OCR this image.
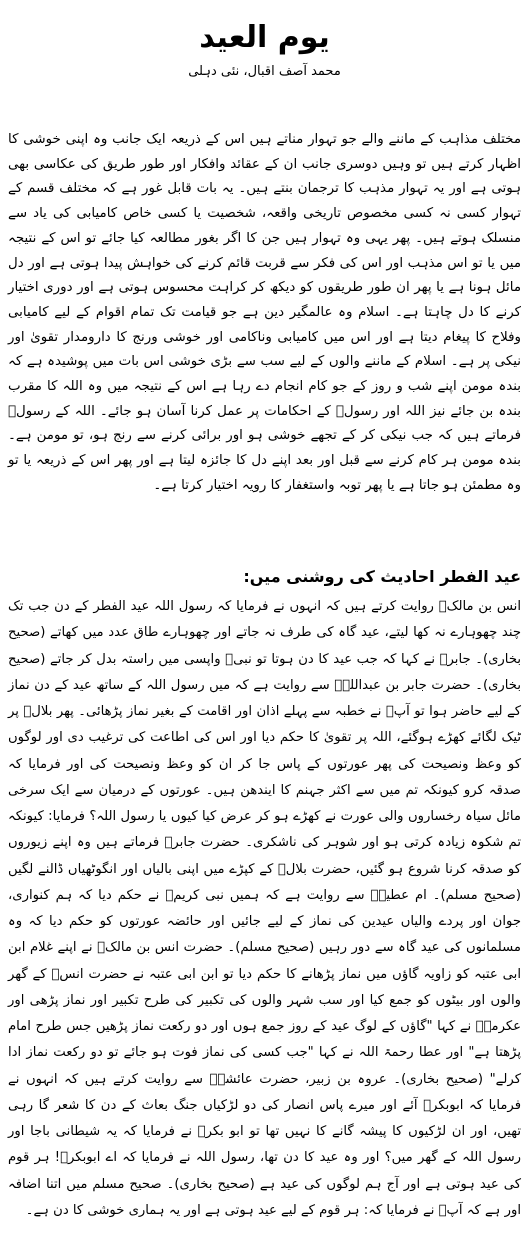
یوم العید

محمد آصف اقبال، نئی دہلی

مختلف مذاہب کے ماننے والے جو تہوار مناتے ہیں اس کے ذریعہ ایک جانب وہ اپنی خوشی کا اظہار کرتے ہیں تو وہیں دوسری جانب ان کے عقائد وافکار اور طور طریق کی عکاسی بھی ہوتی ہے اور یہ تہوار مذہب کا ترجمان بنتے ہیں۔ یہ بات قابل غور ہے کہ مختلف قسم کے تہوار کسی نہ کسی مخصوص تاریخی واقعہ، شخصیت یا کسی خاص کامیابی کی یاد سے منسلک ہوتے ہیں۔ پھر یہی وہ تہوار ہیں جن کا اگر بغور مطالعہ کیا جائے تو اس کے نتیجہ میں یا تو اس مذہب اور اس کی فکر سے قربت قائم کرنے کی خواہش پیدا ہوتی ہے اور دل مائل ہونا ہے یا پھر ان طور طریقوں کو دیکھ کر کراہت محسوس ہوتی ہے اور دوری اختیار کرنے کا دل چاہتا ہے۔ اسلام وہ عالمگیر دین ہے جو قیامت تک تمام اقوام کے لیے کامیابی وفلاح کا پیغام دیتا ہے اور اس میں کامیابی وناکامی اور خوشی ورنج کا دارومدار تقویٰ اور نیکی پر ہے۔ اسلام کے ماننے والوں کے لیے سب سے بڑی خوشی اس بات میں پوشیدہ ہے کہ بندہ مومن اپنے شب و روز کے جو کام انجام دے رہا ہے اس کے نتیجہ میں وہ اللہ کا مقرب بندہ بن جائے نیز اللہ اور رسولؐ کے احکامات پر عمل کرنا آسان ہو جائے۔ اللہ کے رسولؐ فرماتے ہیں کہ جب نیکی کر کے تجھے خوشی ہو اور برائی کرنے سے رنج ہو، تو مومن ہے۔ بندہ مومن ہر کام کرنے سے قبل اور بعد اپنے دل کا جائزہ لیتا ہے اور پھر اس کے ذریعہ یا تو وہ مطمئن ہو جاتا ہے یا پھر توبہ واستغفار کا رویہ اختیار کرتا ہے۔

عید الفطر احادیث کی روشنی میں:

انس بن مالکؓ روایت کرتے ہیں کہ انہوں نے فرمایا کہ رسول اللہ عید الفطر کے دن جب تک چند چھوہارے نہ کھا لیتے، عید گاہ کی طرف نہ جاتے اور چھوہارے طاق عدد میں کھاتے (صحیح بخاری)۔ جابرؓ نے کہا کہ جب عید کا دن ہوتا تو نبیؐ واپسی میں راستہ بدل کر جاتے (صحیح بخاری)۔ حضرت جابر بن عبداللہؓ سے روایت ہے کہ میں رسول اللہ کے ساتھ عید کے دن نماز کے لیے حاضر ہوا تو آپؐ نے خطبہ سے پہلے اذان اور اقامت کے بغیر نماز پڑھائی۔ پھر بلالؓ پر ٹیک لگائے کھڑے ہوگئے، اللہ پر تقویٰ کا حکم دیا اور اس کی اطاعت کی ترغیب دی اور لوگوں کو وعظ ونصیحت کی پھر عورتوں کے پاس جا کر ان کو وعظ ونصیحت کی اور فرمایا کہ صدقہ کرو کیونکہ تم میں سے اکثر جہنم کا ایندھن ہیں۔ عورتوں کے درمیان سے ایک سرخی مائل سیاہ رخساروں والی عورت نے کھڑے ہو کر عرض کیا کیوں یا رسول اللہ؟ فرمایا: کیونکہ تم شکوہ زیادہ کرتی ہو اور شوہر کی ناشکری۔ حضرت جابرؓ فرماتے ہیں وہ اپنے زیوروں کو صدقہ کرنا شروع ہو گئیں، حضرت بلالؓ کے کپڑے میں اپنی بالیاں اور انگوٹھیاں ڈالنے لگیں (صحیح مسلم)۔ ام عطیہؓ سے روایت ہے کہ ہمیں نبی کریمؐ نے حکم دیا کہ ہم کنواری، جوان اور پردے والیاں عیدین کی نماز کے لیے جائیں اور حائضہ عورتوں کو حکم دیا کہ وہ مسلمانوں کی عید گاہ سے دور رہیں (صحیح مسلم)۔ حضرت انس بن مالکؓ نے اپنے غلام ابن ابی عتبہ کو زاویہ گاؤں میں نماز پڑھانے کا حکم دیا تو ابن ابی عتبہ نے حضرت انسؓ کے گھر والوں اور بیٹوں کو جمع کیا اور سب شہر والوں کی تکبیر کی طرح تکبیر اور نماز پڑھی اور عکرمہؓ نے کہا "گاؤں کے لوگ عید کے روز جمع ہوں اور دو رکعت نماز پڑھیں جس طرح امام پڑھتا ہے" اور عطا رحمۃ اللہ نے کہا "جب کسی کی نماز فوت ہو جائے تو دو رکعت نماز ادا کرلے" (صحیح بخاری)۔ عروہ بن زبیر، حضرت عائشہؓ سے روایت کرتے ہیں کہ انہوں نے فرمایا کہ ابوبکرؓ آئے اور میرے پاس انصار کی دو لڑکیاں جنگ بعاث کے دن کا شعر گا رہی تھیں، اور ان لڑکیوں کا پیشہ گانے کا نہیں تھا تو ابو بکرؓ نے فرمایا کہ یہ شیطانی باجا اور رسول اللہ کے گھر میں؟ اور وہ عید کا دن تھا، رسول اللہ نے فرمایا کہ اے ابوبکرؓ! ہر قوم کی عید ہوتی ہے اور آج ہم لوگوں کی عید ہے (صحیح بخاری)۔ صحیح مسلم میں اتنا اضافہ اور ہے کہ آپؐ نے فرمایا کہ: ہر قوم کے لیے عید ہوتی ہے اور یہ ہماری خوشی کا دن ہے۔
